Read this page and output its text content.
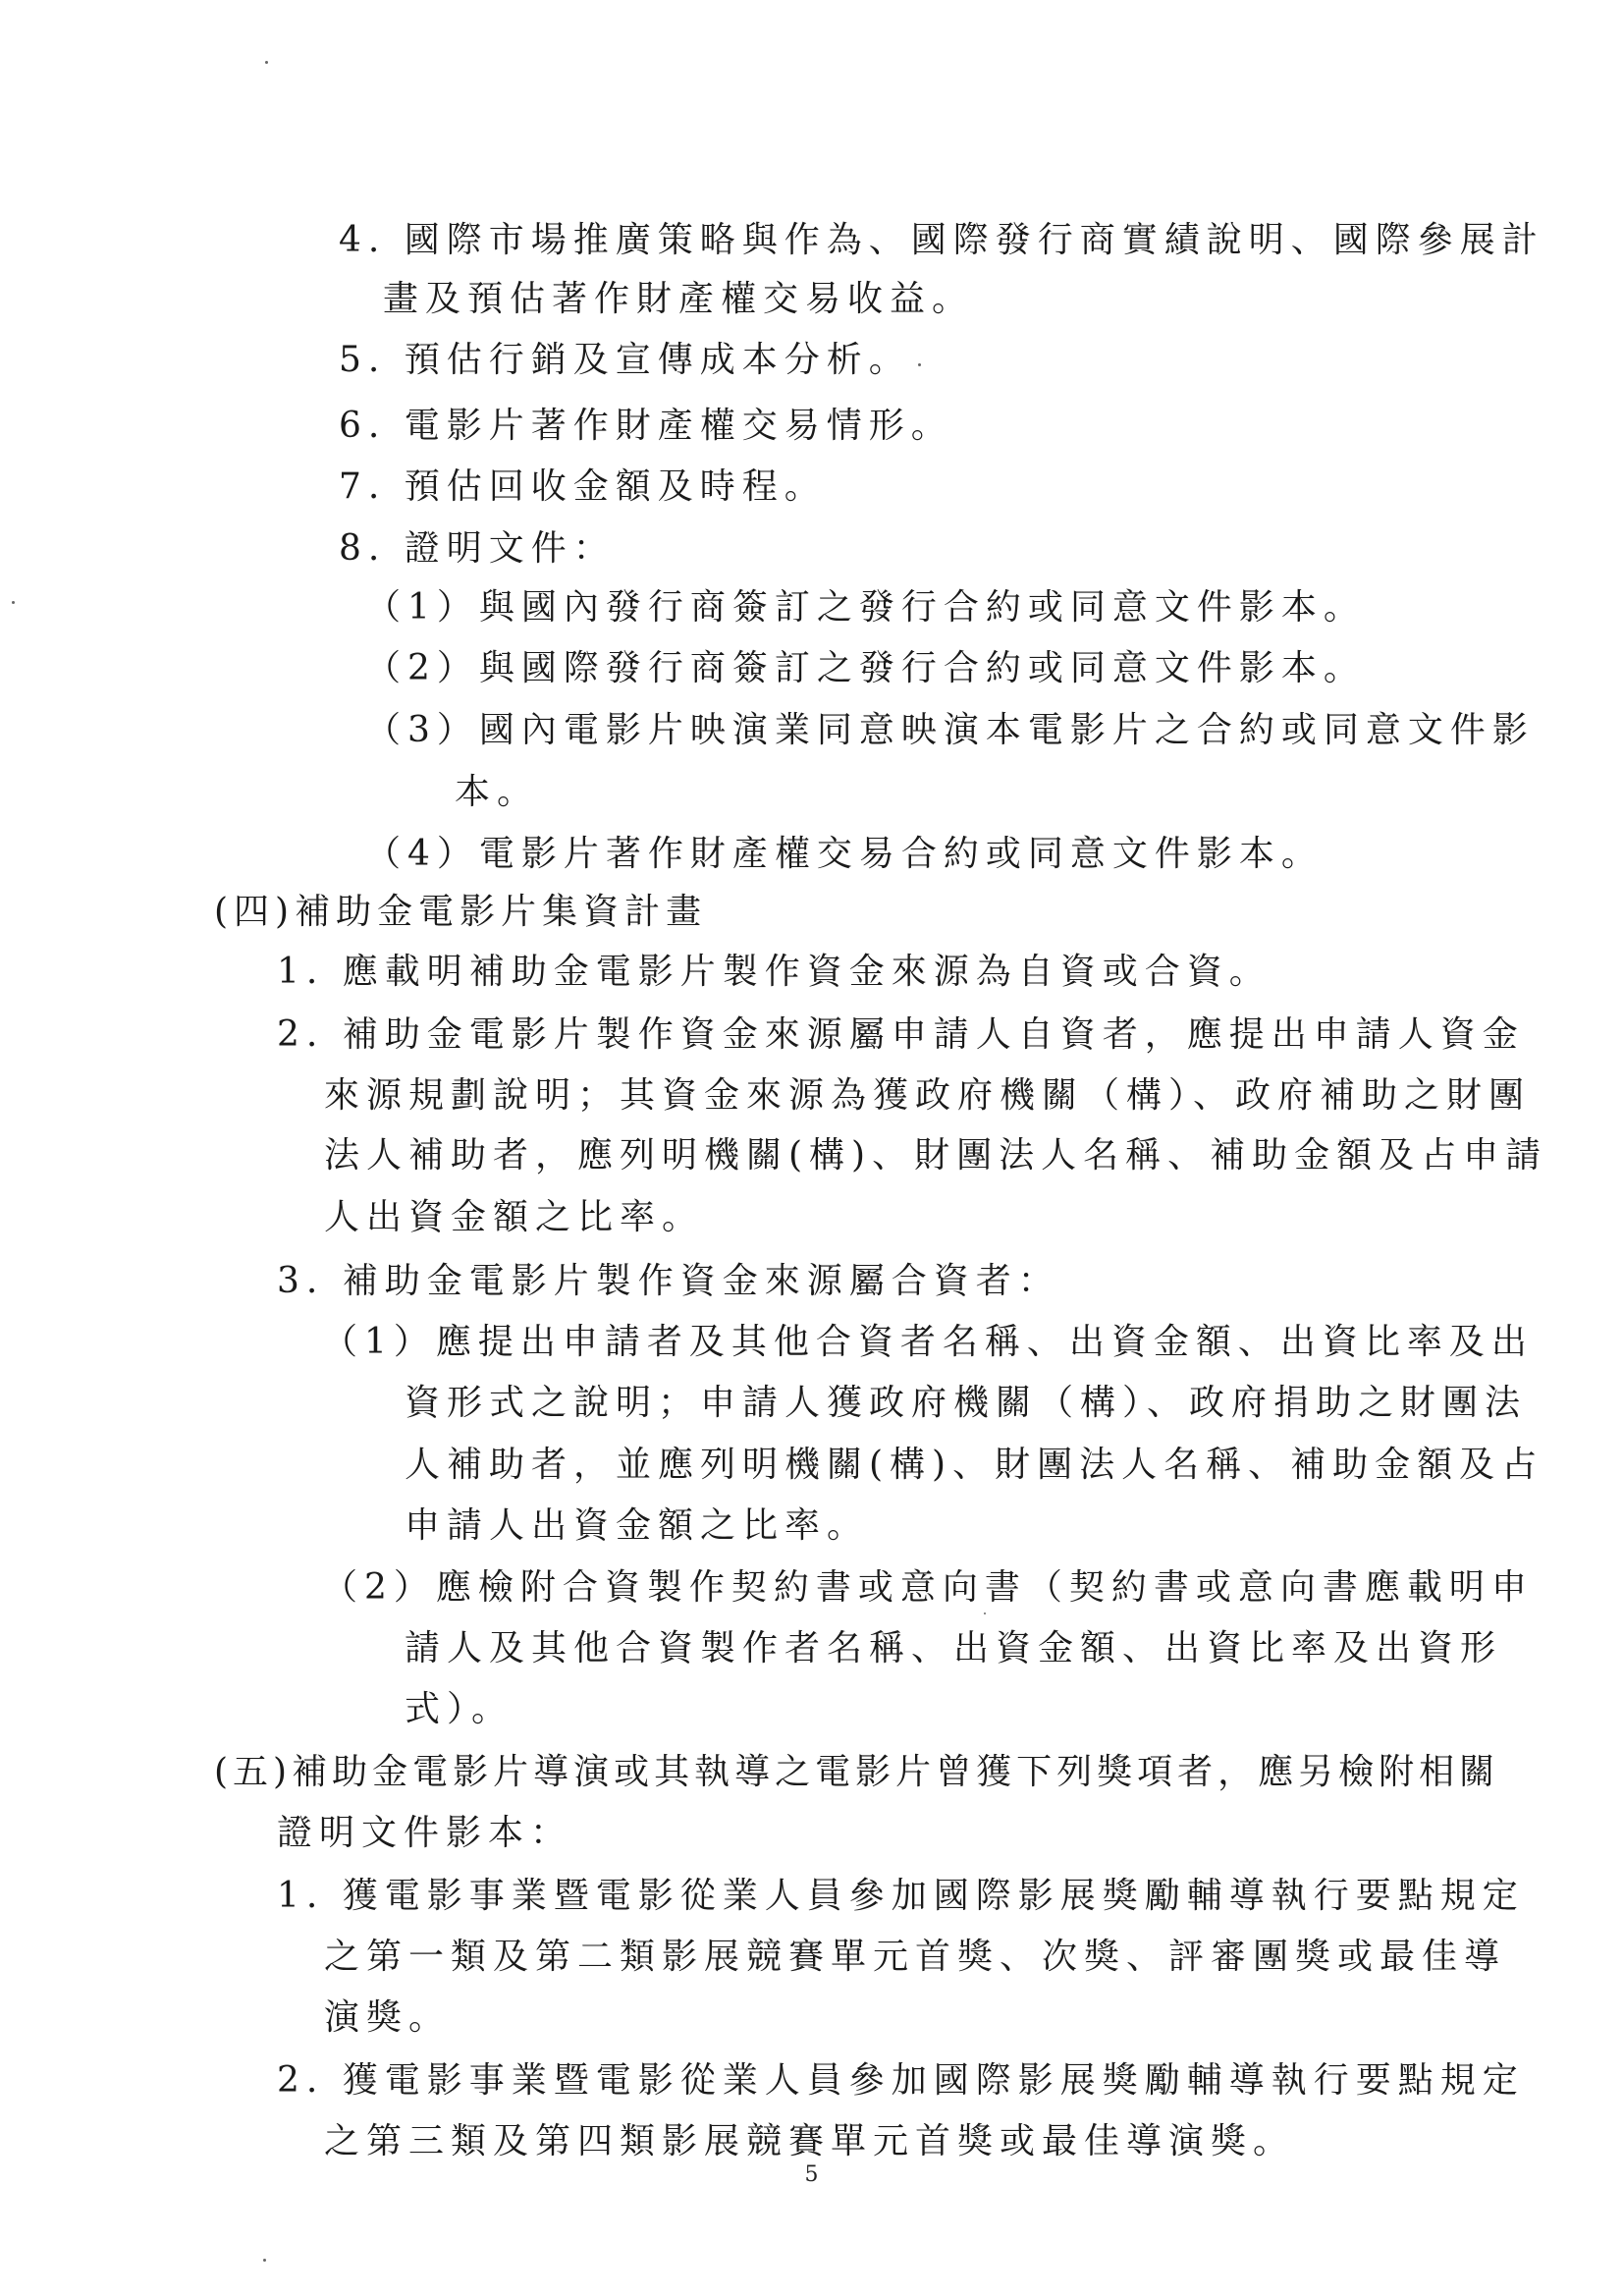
4. 國際市場推廣策略與作為、國際發行商實績說明、國際參展計
畫及預估著作財產權交易收益。
5. 預估行銷及宣傳成本分析。
6. 電影片著作財產權交易情形。
7. 預估回收金額及時程。
8. 證明文件：
（1）與國內發行商簽訂之發行合約或同意文件影本。
（2）與國際發行商簽訂之發行合約或同意文件影本。
（3）國內電影片映演業同意映演本電影片之合約或同意文件影
本。
（4）電影片著作財產權交易合約或同意文件影本。
(四)補助金電影片集資計畫
1. 應載明補助金電影片製作資金來源為自資或合資。
2. 補助金電影片製作資金來源屬申請人自資者，應提出申請人資金
來源規劃說明；其資金來源為獲政府機關（構）、政府補助之財團
法人補助者，應列明機關(構)、財團法人名稱、補助金額及占申請
人出資金額之比率。
3. 補助金電影片製作資金來源屬合資者：
（1）應提出申請者及其他合資者名稱、出資金額、出資比率及出
資形式之說明；申請人獲政府機關（構）、政府捐助之財團法
人補助者，並應列明機關(構)、財團法人名稱、補助金額及占
申請人出資金額之比率。
（2）應檢附合資製作契約書或意向書（契約書或意向書應載明申
請人及其他合資製作者名稱、出資金額、出資比率及出資形
式）。
(五)補助金電影片導演或其執導之電影片曾獲下列獎項者，應另檢附相關
證明文件影本：
1. 獲電影事業暨電影從業人員參加國際影展獎勵輔導執行要點規定
之第一類及第二類影展競賽單元首獎、次獎、評審團獎或最佳導
演獎。
2. 獲電影事業暨電影從業人員參加國際影展獎勵輔導執行要點規定
之第三類及第四類影展競賽單元首獎或最佳導演獎。
5
